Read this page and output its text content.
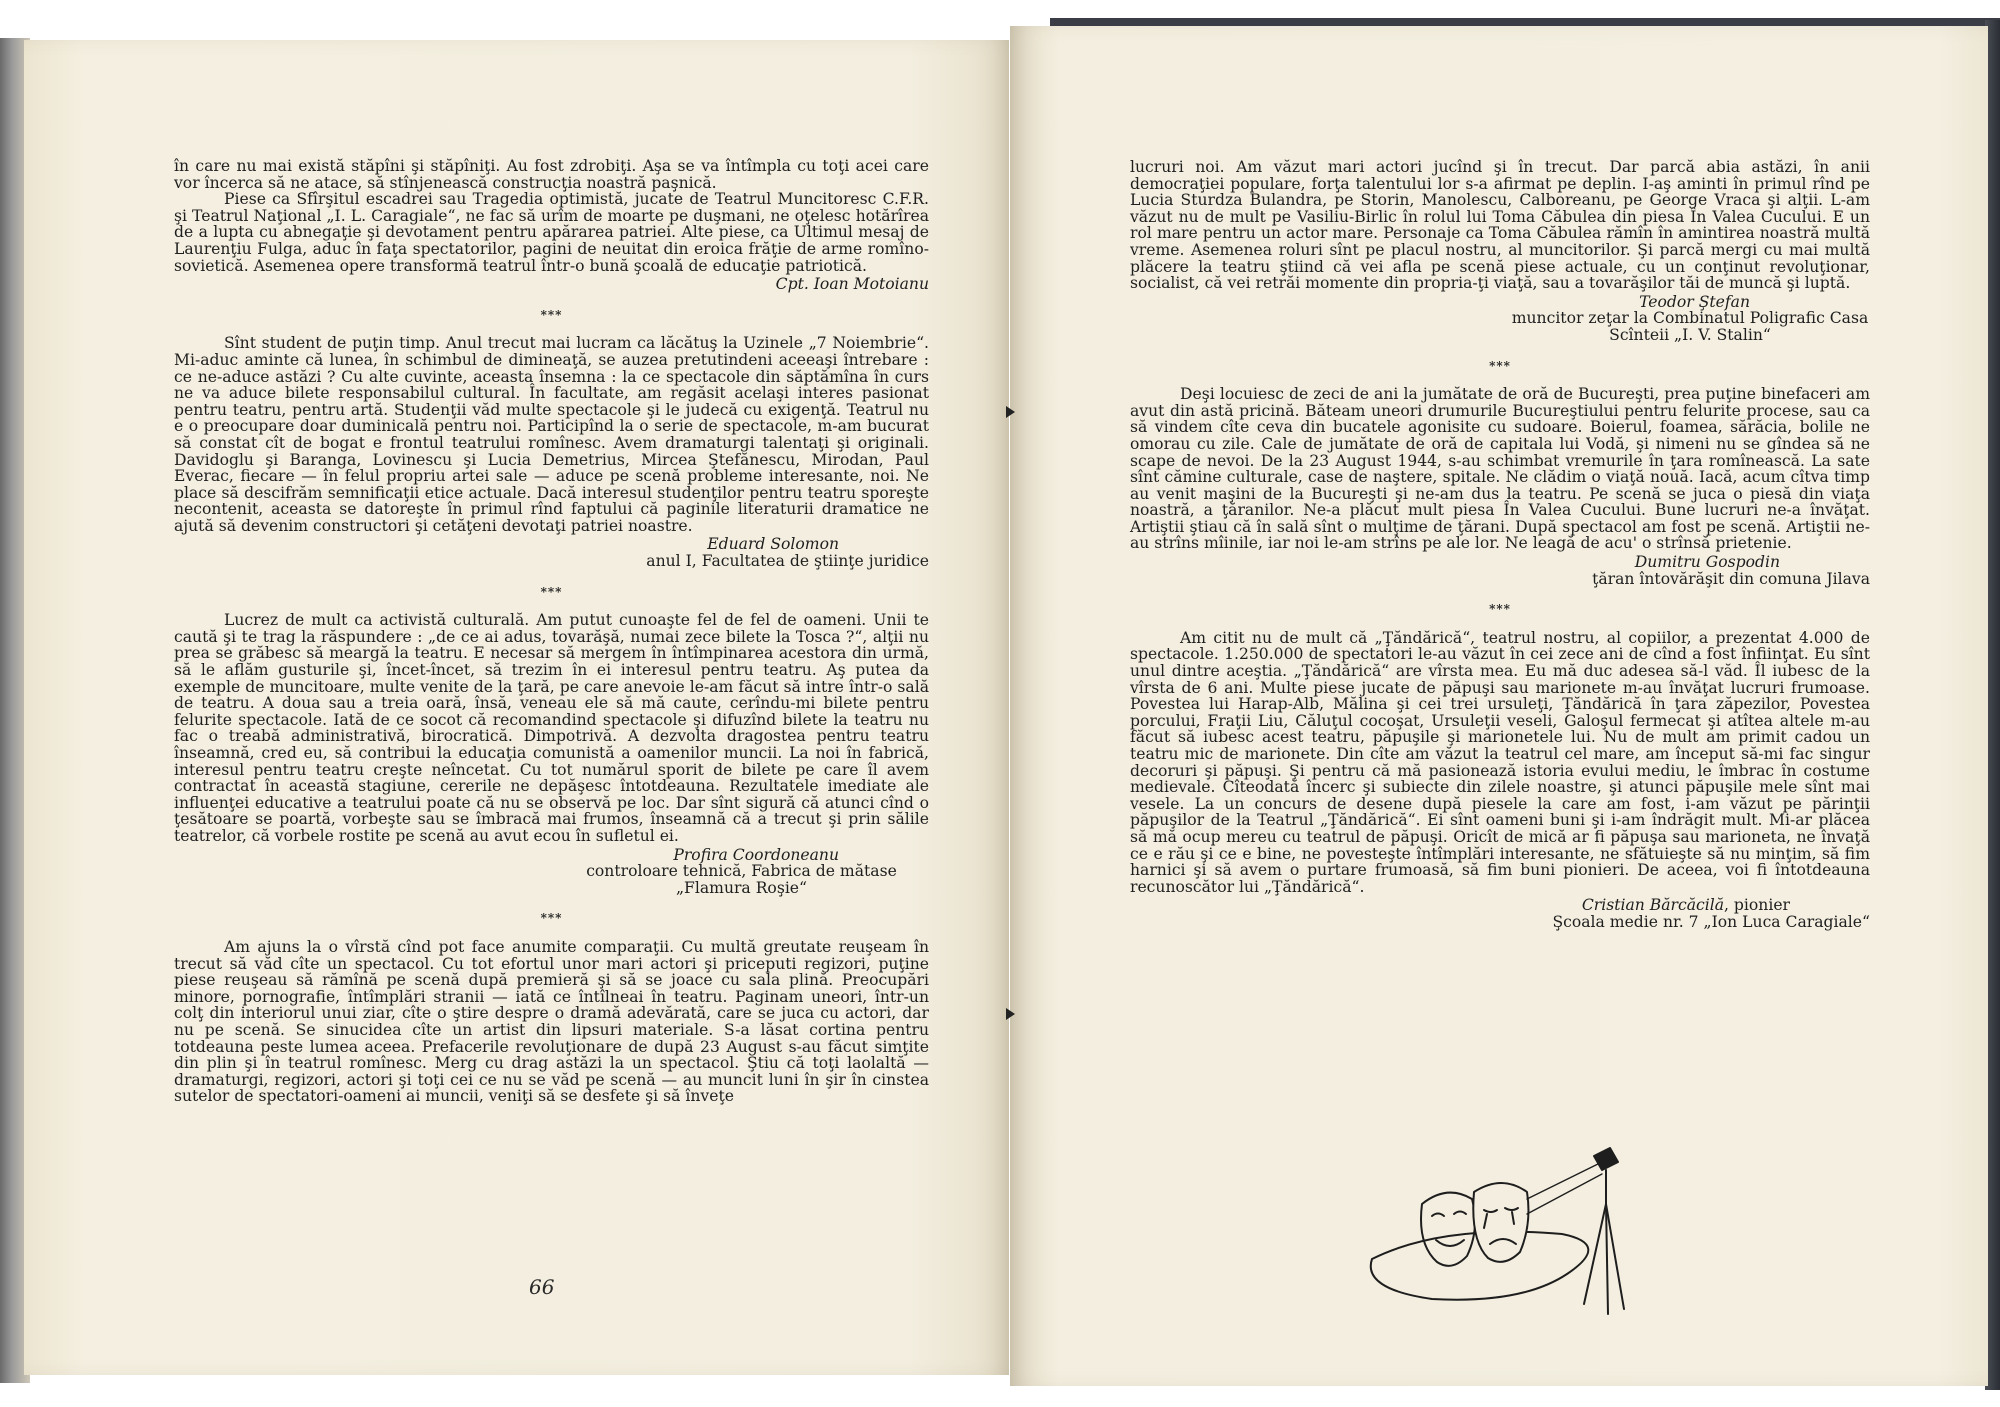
în care nu mai există stăpîni şi stăpîniţi. Au fost zdrobiţi. Aşa se va întîmpla cu toţi acei care vor încerca să ne atace, să stînjenească construcţia noastră paşnică.

Piese ca Sfîrşitul escadrei sau Tragedia optimistă, jucate de Teatrul Muncitoresc C.F.R. şi Teatrul Naţional „I. L. Caragiale“, ne fac să urîm de moarte pe duşmani, ne oţelesc hotărîrea de a lupta cu abnegaţie şi devotament pentru apărarea patriei. Alte piese, ca Ultimul mesaj de Laurenţiu Fulga, aduc în faţa spectatorilor, pagini de neuitat din eroica frăţie de arme romîno-sovietică. Asemenea opere transformă teatrul într-o bună şcoală de educaţie patriotică.

Cpt. Ioan Motoianu
***

Sînt student de puţin timp. Anul trecut mai lucram ca lăcătuş la Uzinele „7 Noiembrie“. Mi-aduc aminte că lunea, în schimbul de dimineaţă, se auzea pretutindeni aceeaşi întrebare : ce ne-aduce astăzi ? Cu alte cuvinte, aceasta însemna : la ce spectacole din săptămîna în curs ne va aduce bilete responsabilul cultural. În facultate, am regăsit acelaşi interes pasionat pentru teatru, pentru artă. Studenţii văd multe spectacole şi le judecă cu exigenţă. Teatrul nu e o preocupare doar duminicală pentru noi. Participînd la o serie de spectacole, m-am bucurat să constat cît de bogat e frontul teatrului romînesc. Avem dramaturgi talentaţi şi originali. Davidoglu şi Baranga, Lovinescu şi Lucia Demetrius, Mircea Ştefănescu, Mirodan, Paul Everac, fiecare — în felul propriu artei sale — aduce pe scenă probleme interesante, noi. Ne place să descifrăm semnificaţii etice actuale. Dacă interesul studenţilor pentru teatru sporeşte necontenit, aceasta se datoreşte în primul rînd faptului că paginile literaturii dramatice ne ajută să devenim constructori şi cetăţeni devotaţi patriei noastre.

Eduard Solomon
anul I, Facultatea de ştiinţe juridice
***

Lucrez de mult ca activistă culturală. Am putut cunoaşte fel de fel de oameni. Unii te caută şi te trag la răspundere : „de ce ai adus, tovarăşă, numai zece bilete la Tosca ?“, alţii nu prea se grăbesc să meargă la teatru. E necesar să mergem în întîmpinarea acestora din urmă, să le aflăm gusturile şi, încet-încet, să trezim în ei interesul pentru teatru. Aş putea da exemple de muncitoare, multe venite de la ţară, pe care anevoie le-am făcut să intre într-o sală de teatru. A doua sau a treia oară, însă, veneau ele să mă caute, cerîndu-mi bilete pentru felurite spectacole. Iată de ce socot că recomandind spectacole şi difuzînd bilete la teatru nu fac o treabă administrativă, birocratică. Dimpotrivă. A dezvolta dragostea pentru teatru înseamnă, cred eu, să contribui la educaţia comunistă a oamenilor muncii. La noi în fabrică, interesul pentru teatru creşte neîncetat. Cu tot numărul sporit de bilete pe care îl avem contractat în această stagiune, cererile ne depăşesc întotdeauna. Rezultatele imediate ale influenţei educative a teatrului poate că nu se observă pe loc. Dar sînt sigură că atunci cînd o ţesătoare se poartă, vorbeşte sau se îmbracă mai frumos, înseamnă că a trecut şi prin sălile teatrelor, că vorbele rostite pe scenă au avut ecou în sufletul ei.

Profira Coordoneanu
controloare tehnică, Fabrica de mătase „Flamura Roşie“
***

Am ajuns la o vîrstă cînd pot face anumite comparaţii. Cu multă greutate reuşeam în trecut să văd cîte un spectacol. Cu tot efortul unor mari actori şi priceputi regizori, puţine piese reuşeau să rămînă pe scenă după premieră şi să se joace cu sala plină. Preocupări minore, pornografie, întîmplări stranii — iată ce întîlneai în teatru. Paginam uneori, într-un colţ din interiorul unui ziar, cîte o ştire despre o dramă adevărată, care se juca cu actori, dar nu pe scenă. Se sinucidea cîte un artist din lipsuri materiale. S-a lăsat cortina pentru totdeauna peste lumea aceea. Prefacerile revoluţionare de după 23 August s-au făcut simţite din plin şi în teatrul romînesc. Merg cu drag astăzi la un spectacol. Ştiu că toţi laolaltă — dramaturgi, regizori, actori şi toţi cei ce nu se văd pe scenă — au muncit luni în şir în cinstea sutelor de spectatori-oameni ai muncii, veniţi să se desfete şi să înveţe

66

lucruri noi. Am văzut mari actori jucînd şi în trecut. Dar parcă abia astăzi, în anii democraţiei populare, forţa talentului lor s-a afirmat pe deplin. I-aş aminti în primul rînd pe Lucia Sturdza Bulandra, pe Storin, Manolescu, Calboreanu, pe George Vraca şi alţii. L-am văzut nu de mult pe Vasiliu-Birlic în rolul lui Toma Căbulea din piesa În Valea Cucului. E un rol mare pentru un actor mare. Personaje ca Toma Căbulea rămîn în amintirea noastră multă vreme. Asemenea roluri sînt pe placul nostru, al muncitorilor. Şi parcă mergi cu mai multă plăcere la teatru ştiind că vei afla pe scenă piese actuale, cu un conţinut revoluţionar, socialist, că vei retrăi momente din propria-ţi viaţă, sau a tovarăşilor tăi de muncă şi luptă.

Teodor Ştefan
muncitor zeţar la Combinatul Poligrafic Casa Scînteii „I. V. Stalin“
***

Deşi locuiesc de zeci de ani la jumătate de oră de Bucureşti, prea puţine binefaceri am avut din astă pricină. Băteam uneori drumurile Bucureştiului pentru felurite procese, sau ca să vindem cîte ceva din bucatele agonisite cu sudoare. Boierul, foamea, sărăcia, bolile ne omorau cu zile. Cale de jumătate de oră de capitala lui Vodă, şi nimeni nu se gîndea să ne scape de nevoi. De la 23 August 1944, s-au schimbat vremurile în ţara romînească. La sate sînt cămine culturale, case de naştere, spitale. Ne clădim o viaţă nouă. Iacă, acum cîtva timp au venit maşini de la Bucureşti şi ne-am dus la teatru. Pe scenă se juca o piesă din viaţa noastră, a ţăranilor. Ne-a plăcut mult piesa În Valea Cucului. Bune lucruri ne-a învăţat. Artiştii ştiau că în sală sînt o mulţime de ţărani. După spectacol am fost pe scenă. Artiştii ne-au strîns mîinile, iar noi le-am strîns pe ale lor. Ne leagă de acu' o strînsă prietenie.

Dumitru Gospodin
ţăran întovărăşit din comuna Jilava
***

Am citit nu de mult că „Ţăndărică“, teatrul nostru, al copiilor, a prezentat 4.000 de spectacole. 1.250.000 de spectatori le-au văzut în cei zece ani de cînd a fost înfiinţat. Eu sînt unul dintre aceştia. „Ţăndărică“ are vîrsta mea. Eu mă duc adesea să-l văd. Îl iubesc de la vîrsta de 6 ani. Multe piese jucate de păpuşi sau marionete m-au învăţat lucruri frumoase. Povestea lui Harap-Alb, Mălina şi cei trei ursuleţi, Ţăndărică în ţara zăpezilor, Povestea porcului, Fraţii Liu, Căluţul cocoşat, Ursuleţii veseli, Galoşul fermecat şi atîtea altele m-au făcut să iubesc acest teatru, păpuşile şi marionetele lui. Nu de mult am primit cadou un teatru mic de marionete. Din cîte am văzut la teatrul cel mare, am început să-mi fac singur decoruri şi păpuşi. Şi pentru că mă pasionează istoria evului mediu, le îmbrac în costume medievale. Cîteodată încerc şi subiecte din zilele noastre, şi atunci păpuşile mele sînt mai vesele. La un concurs de desene după piesele la care am fost, i-am văzut pe părinţii păpuşilor de la Teatrul „Ţăndărică“. Ei sînt oameni buni şi i-am îndrăgit mult. Mi-ar plăcea să mă ocup mereu cu teatrul de păpuşi. Oricît de mică ar fi păpuşa sau marioneta, ne învaţă ce e rău şi ce e bine, ne povesteşte întîmplări interesante, ne sfătuieşte să nu minţim, să fim harnici şi să avem o purtare frumoasă, să fim buni pionieri. De aceea, voi fi întotdeauna recunoscător lui „Ţăndărică“.

Cristian Bărcăcilă, pionier
Şcoala medie nr. 7 „Ion Luca Caragiale“
